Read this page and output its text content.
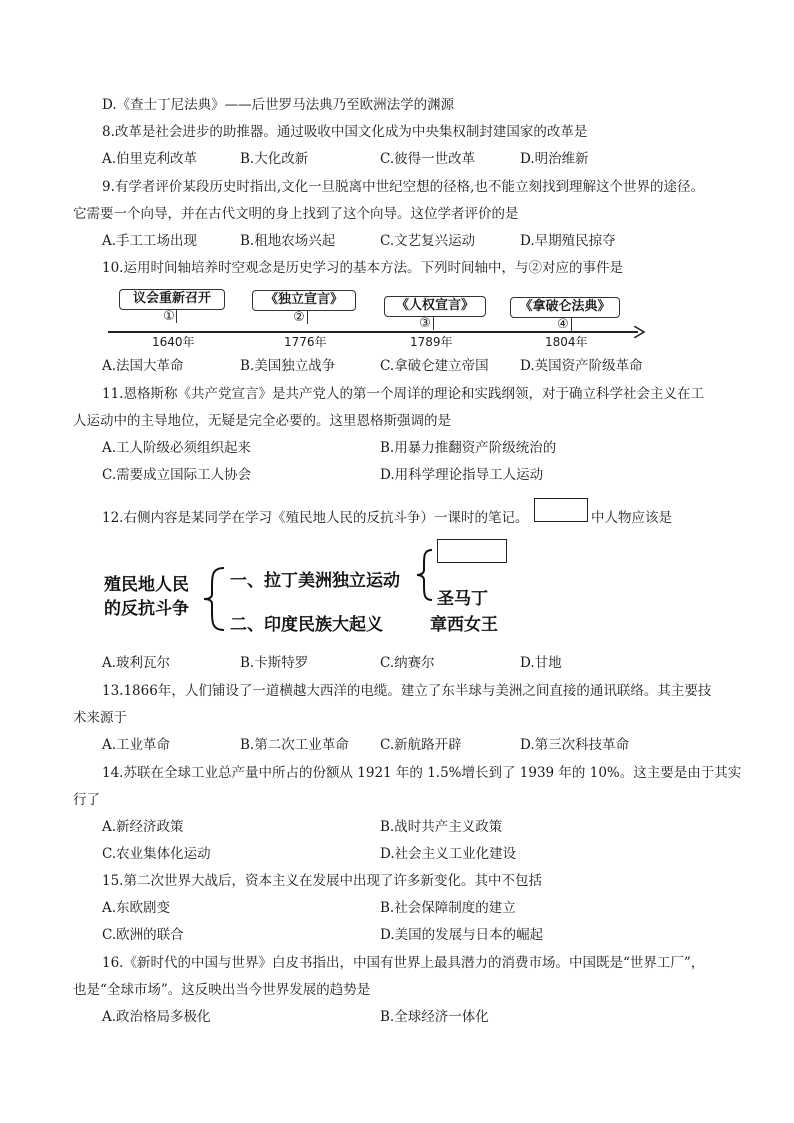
D.《查士丁尼法典》——后世罗马法典乃至欧洲法学的渊源
8.改革是社会进步的助推器。通过吸收中国文化成为中央集权制封建国家的改革是
A.伯里克利改革	B.大化改新	C.彼得一世改革	D.明治维新
9.有学者评价某段历史时指出,文化一旦脱离中世纪空想的径格,也不能立刻找到理解这个世界的途径。
它需要一个向导，并在古代文明的身上找到了这个向导。这位学者评价的是
A.手工工场出现	B.租地农场兴起	C.文艺复兴运动	D.早期殖民掠夺
10.运用时间轴培养时空观念是历史学习的基本方法。下列时间轴中，与②对应的事件是
议会重新召开
①
1640年
《独立宣言》
②
1776年
《人权宣言》
③
1789年
《拿破仑法典》
④
1804年
A.法国大革命	B.美国独立战争	C.拿破仑建立帝国 D.英国资产阶级革命
11.恩格斯称《共产党宣言》是共产党人的第一个周详的理论和实践纲领，对于确立科学社会主义在工
人运动中的主导地位，无疑是完全必要的。这里恩格斯强调的是
A.工人阶级必须组织起来	B.用暴力推翻资产阶级统治的
C.需要成立国际工人协会	D.用科学理论指导工人运动
12.右侧内容是某同学在学习《殖民地人民的反抗斗争）一课时的笔记。	中人物应该是
殖民地人民
的反抗斗争
一、拉丁美洲独立运动
二、印度民族大起义
圣马丁
章西女王
A.玻利瓦尔	B.卡斯特罗	C.纳赛尔	D.甘地
13.1866年，人们铺设了一道横越大西洋的电缆。建立了东半球与美洲之间直接的通讯联络。其主要技
术来源于
A.工业革命	B.第二次工业革命 C.新航路开辟	D.第三次科技革命
14.苏联在全球工业总产量中所占的份额从 1921 年的 1.5%增长到了 1939 年的 10%。这主要是由于其实
行了
A.新经济政策	B.战时共产主义政策
C.农业集体化运动	D.社会主义工业化建设
15.第二次世界大战后，资本主义在发展中出现了许多新变化。其中不包括
A.东欧剧变	B.社会保障制度的建立
C.欧洲的联合	D.美国的发展与日本的崛起
16.《新时代的中国与世界》白皮书指出，中国有世界上最具潜力的消费市场。中国既是“世界工厂”，
也是“全球市场”。这反映出当今世界发展的趋势是
A.政治格局多极化	B.全球经济一体化
